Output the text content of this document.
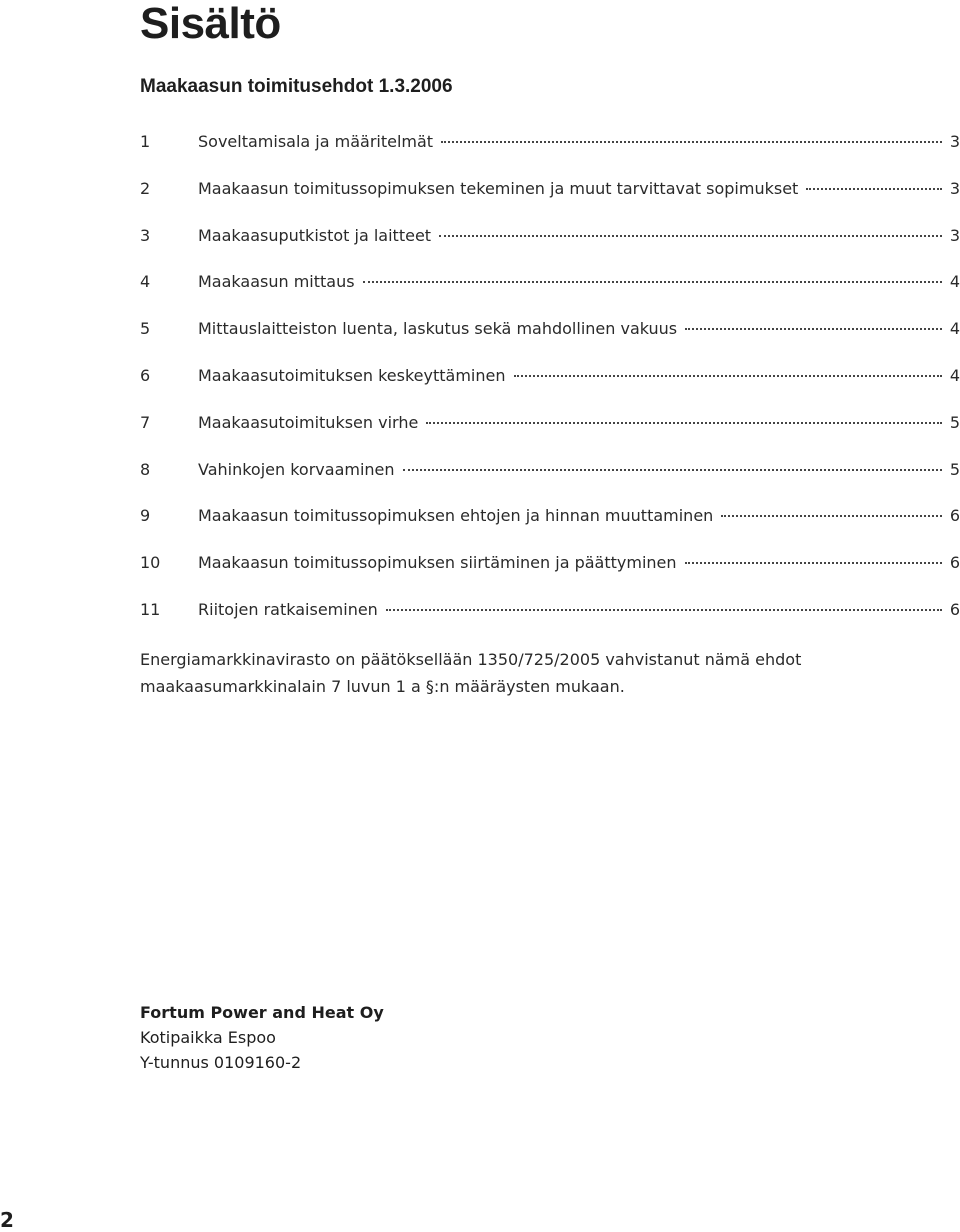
Sisältö
Maakaasun toimitusehdot 1.3.2006
1	Soveltamisala ja määritelmät	3
2	Maakaasun toimitussopimuksen tekeminen ja muut tarvittavat sopimukset	3
3	Maakaasuputkistot ja laitteet	3
4	Maakaasun mittaus	4
5	Mittauslaitteiston luenta, laskutus sekä mahdollinen vakuus	4
6	Maakaasutoimituksen keskeyttäminen	4
7	Maakaasutoimituksen virhe	5
8	Vahinkojen korvaaminen	5
9	Maakaasun toimitussopimuksen ehtojen ja hinnan muuttaminen	6
10	Maakaasun toimitussopimuksen siirtäminen ja päättyminen	6
11	Riitojen ratkaiseminen	6

Energiamarkkinavirasto on päätöksellään 1350/725/2005 vahvistanut nämä ehdot maakaasumarkkinalain 7 luvun 1 a §:n määräysten mukaan.

Fortum Power and Heat Oy
Kotipaikka Espoo
Y-tunnus 0109160-2

2
